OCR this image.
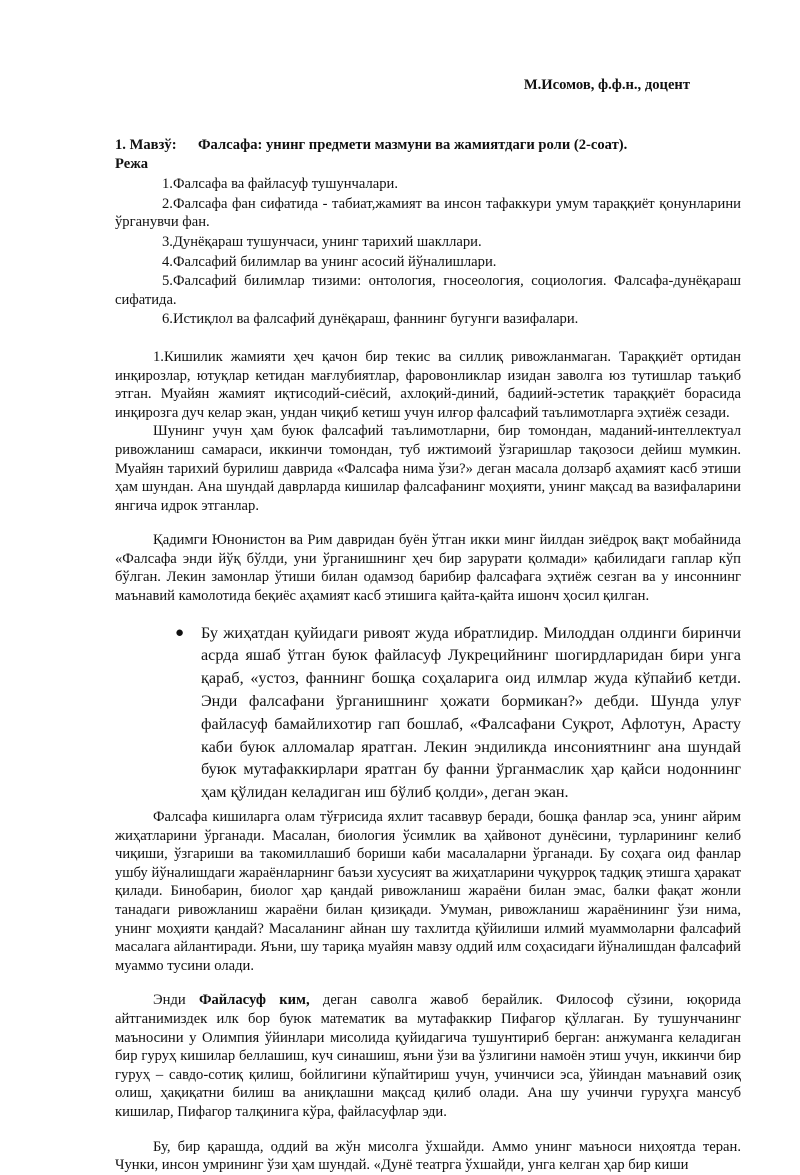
М.Исомов, ф.ф.н., доцент
1. Мавзў:	Фалсафа: унинг предмети мазмуни ва жамиятдаги роли (2-соат).
Режа
1.Фалсафа ва файласуф тушунчалари.
2.Фалсафа фан сифатида - табиат,жамият ва инсон тафаккури умум тараққиёт қонунларини ўрганувчи фан.
3.Дунёқараш тушунчаси, унинг тарихий шакллари.
4.Фалсафий билимлар ва унинг асосий йўналишлари.
5.Фалсафий билимлар тизими: онтология, гносеология, социология. Фалсафа-дунёқараш сифатида.
6.Истиқлол ва фалсафий дунёқараш, фаннинг бугунги вазифалари.

1.Кишилик жамияти ҳеч қачон бир текис ва силлиқ ривожланмаган. Тараққиёт ортидан инқирозлар, ютуқлар кетидан мағлубиятлар, фаровонликлар изидан заволга юз тутишлар таъқиб этган. Муайян жамият иқтисодий-сиёсий, ахлоқий-диний, бадиий-эстетик тараққиёт борасида инқирозга дуч келар экан, ундан чиқиб кетиш учун илғор фалсафий таълимотларга эҳтиёж сезади.

Шунинг учун ҳам буюк фалсафий таълимотларни, бир томондан, маданий-интеллектуал ривожланиш самараси, иккинчи томондан, туб ижтимоий ўзгаришлар тақозоси дейиш мумкин. Муайян тарихий бурилиш даврида «Фалсафа нима ўзи?» деган масала долзарб аҳамият касб этиши ҳам шундан. Ана шундай даврларда кишилар фалсафанинг моҳияти, унинг мақсад ва вазифаларини янгича идрок этганлар.

Қадимги Юнонистон ва Рим давридан буён ўтган икки минг йилдан зиёдроқ вақт мобайнида «Фалсафа энди йўқ бўлди, уни ўрганишнинг ҳеч бир зарурати қолмади» қабилидаги гаплар кўп бўлган. Лекин замонлар ўтиши билан одамзод барибир фалсафага эҳтиёж сезган ва у инсоннинг маънавий камолотида беқиёс аҳамият касб этишига қайта-қайта ишонч ҳосил қилган.

● Бу жиҳатдан қуйидаги ривоят жуда ибратлидир. Милоддан олдинги биринчи асрда яшаб ўтган буюк файласуф Лукрецийнинг шогирдларидан бири унга қараб, «устоз, фаннинг бошқа соҳаларига оид илмлар жуда кўпайиб кетди. Энди фалсафани ўрганишнинг ҳожати бормикан?» дебди. Шунда улуғ файласуф бамайлихотир гап бошлаб, «Фалсафани Суқрот, Афлотун, Арасту каби буюк алломалар яратган. Лекин эндиликда инсониятнинг ана шундай буюк мутафаккирлари яратган бу фанни ўрганмаслик ҳар қайси нодоннинг ҳам қўлидан келадиган иш бўлиб қолди», деган экан.

Фалсафа кишиларга олам тўғрисида яхлит тасаввур беради, бошқа фанлар эса, унинг айрим жиҳатларини ўрганади. Масалан, биология ўсимлик ва ҳайвонот дунёсини, турларининг келиб чиқиши, ўзгариши ва такомиллашиб бориши каби масалаларни ўрганади. Бу соҳага оид фанлар ушбу йўналишдаги жараёнларнинг баъзи хусусият ва жиҳатларини чуқурроқ тадқиқ этишга ҳаракат қилади. Бинобарин, биолог ҳар қандай ривожланиш жараёни билан эмас, балки фақат жонли танадаги ривожланиш жараёни билан қизиқади. Умуман, ривожланиш жараёнининг ўзи нима, унинг моҳияти қандай? Масаланинг айнан шу тахлитда қўйилиши илмий муаммоларни фалсафий масалага айлантиради. Яъни, шу тариқа муайян мавзу оддий илм соҳасидаги йўналишдан фалсафий муаммо тусини олади.

Энди Файласуф ким, деган саволга жавоб берайлик. Философ сўзини, юқорида айтганимиздек илк бор буюк математик ва мутафаккир Пифагор қўллаган. Бу тушунчанинг маъносини у Олимпия ўйинлари мисолида қуйидагича тушунтириб берган: анжуманга келадиган бир гуруҳ кишилар беллашиш, куч синашиш, яъни ўзи ва ўзлигини намоён этиш учун, иккинчи бир гуруҳ – савдо-сотиқ қилиш, бойлигини кўпайтириш учун, учинчиси эса, ўйиндан маънавий озиқ олиш, ҳақиқатни билиш ва аниқлашни мақсад қилиб олади. Ана шу учинчи гуруҳга мансуб кишилар, Пифагор талқинига кўра, файласуфлар эди.

Бу, бир қарашда, оддий ва жўн мисолга ўхшайди. Аммо унинг маъноси ниҳоятда теран. Чунки, инсон умрининг ўзи ҳам шундай. «Дунё театрга ўхшайди, унга келган ҳар бир киши
